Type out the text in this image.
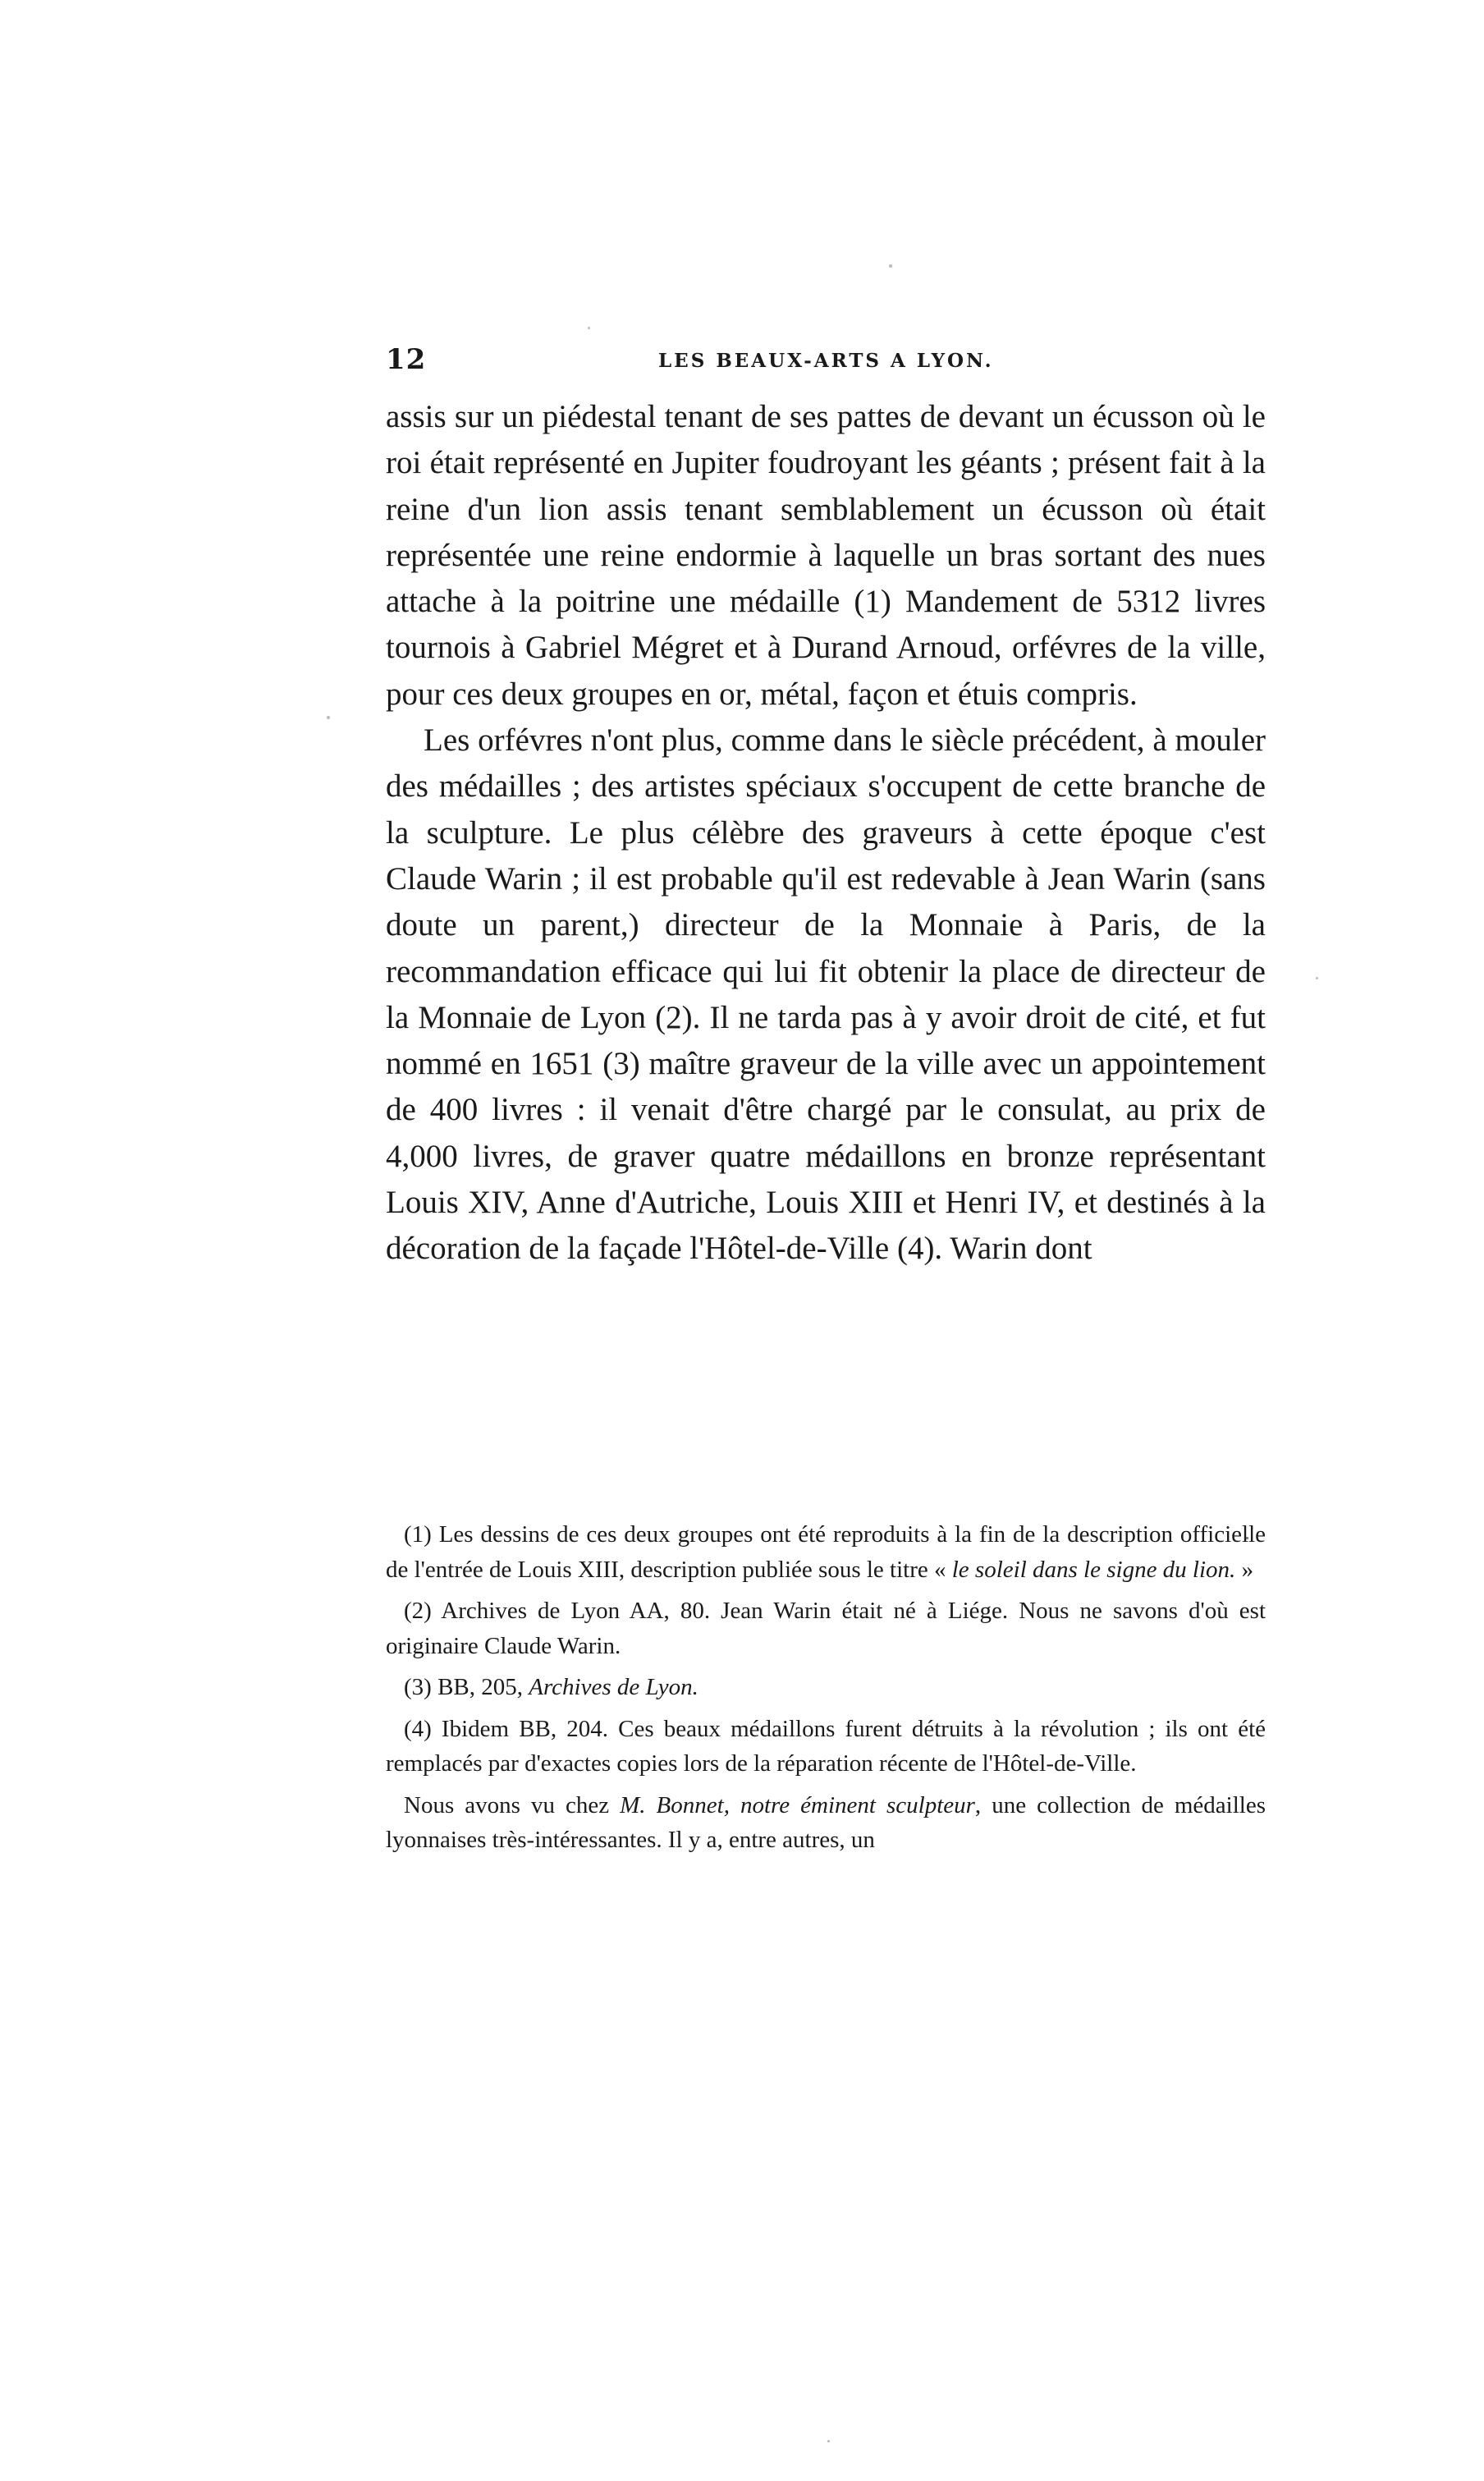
12	LES BEAUX-ARTS A LYON.

assis sur un piédestal tenant de ses pattes de devant un écusson où le roi était représenté en Jupiter foudroyant les géants ; présent fait à la reine d'un lion assis tenant semblablement un écusson où était représentée une reine endormie à laquelle un bras sortant des nues attache à la poitrine une médaille (1) Mandement de 5312 livres tournois à Gabriel Mégret et à Durand Arnoud, orfévres de la ville, pour ces deux groupes en or, métal, façon et étuis compris.

Les orfévres n'ont plus, comme dans le siècle précédent, à mouler des médailles ; des artistes spéciaux s'occupent de cette branche de la sculpture. Le plus célèbre des graveurs à cette époque c'est Claude Warin ; il est probable qu'il est redevable à Jean Warin (sans doute un parent,) directeur de la Monnaie à Paris, de la recommandation efficace qui lui fit obtenir la place de directeur de la Monnaie de Lyon (2). Il ne tarda pas à y avoir droit de cité, et fut nommé en 1651 (3) maître graveur de la ville avec un appointement de 400 livres : il venait d'être chargé par le consulat, au prix de 4,000 livres, de graver quatre médaillons en bronze représentant Louis XIV, Anne d'Autriche, Louis XIII et Henri IV, et destinés à la décoration de la façade l'Hôtel-de-Ville (4). Warin dont

(1) Les dessins de ces deux groupes ont été reproduits à la fin de la description officielle de l'entrée de Louis XIII, description publiée sous le titre « le soleil dans le signe du lion. »

(2) Archives de Lyon AA, 80. Jean Warin était né à Liége. Nous ne savons d'où est originaire Claude Warin.

(3) BB, 205, Archives de Lyon.

(4) Ibidem BB, 204. Ces beaux médaillons furent détruits à la révolution ; ils ont été remplacés par d'exactes copies lors de la réparation récente de l'Hôtel-de-Ville.

Nous avons vu chez M. Bonnet, notre éminent sculpteur, une collection de médailles lyonnaises très-intéressantes. Il y a, entre autres, un
